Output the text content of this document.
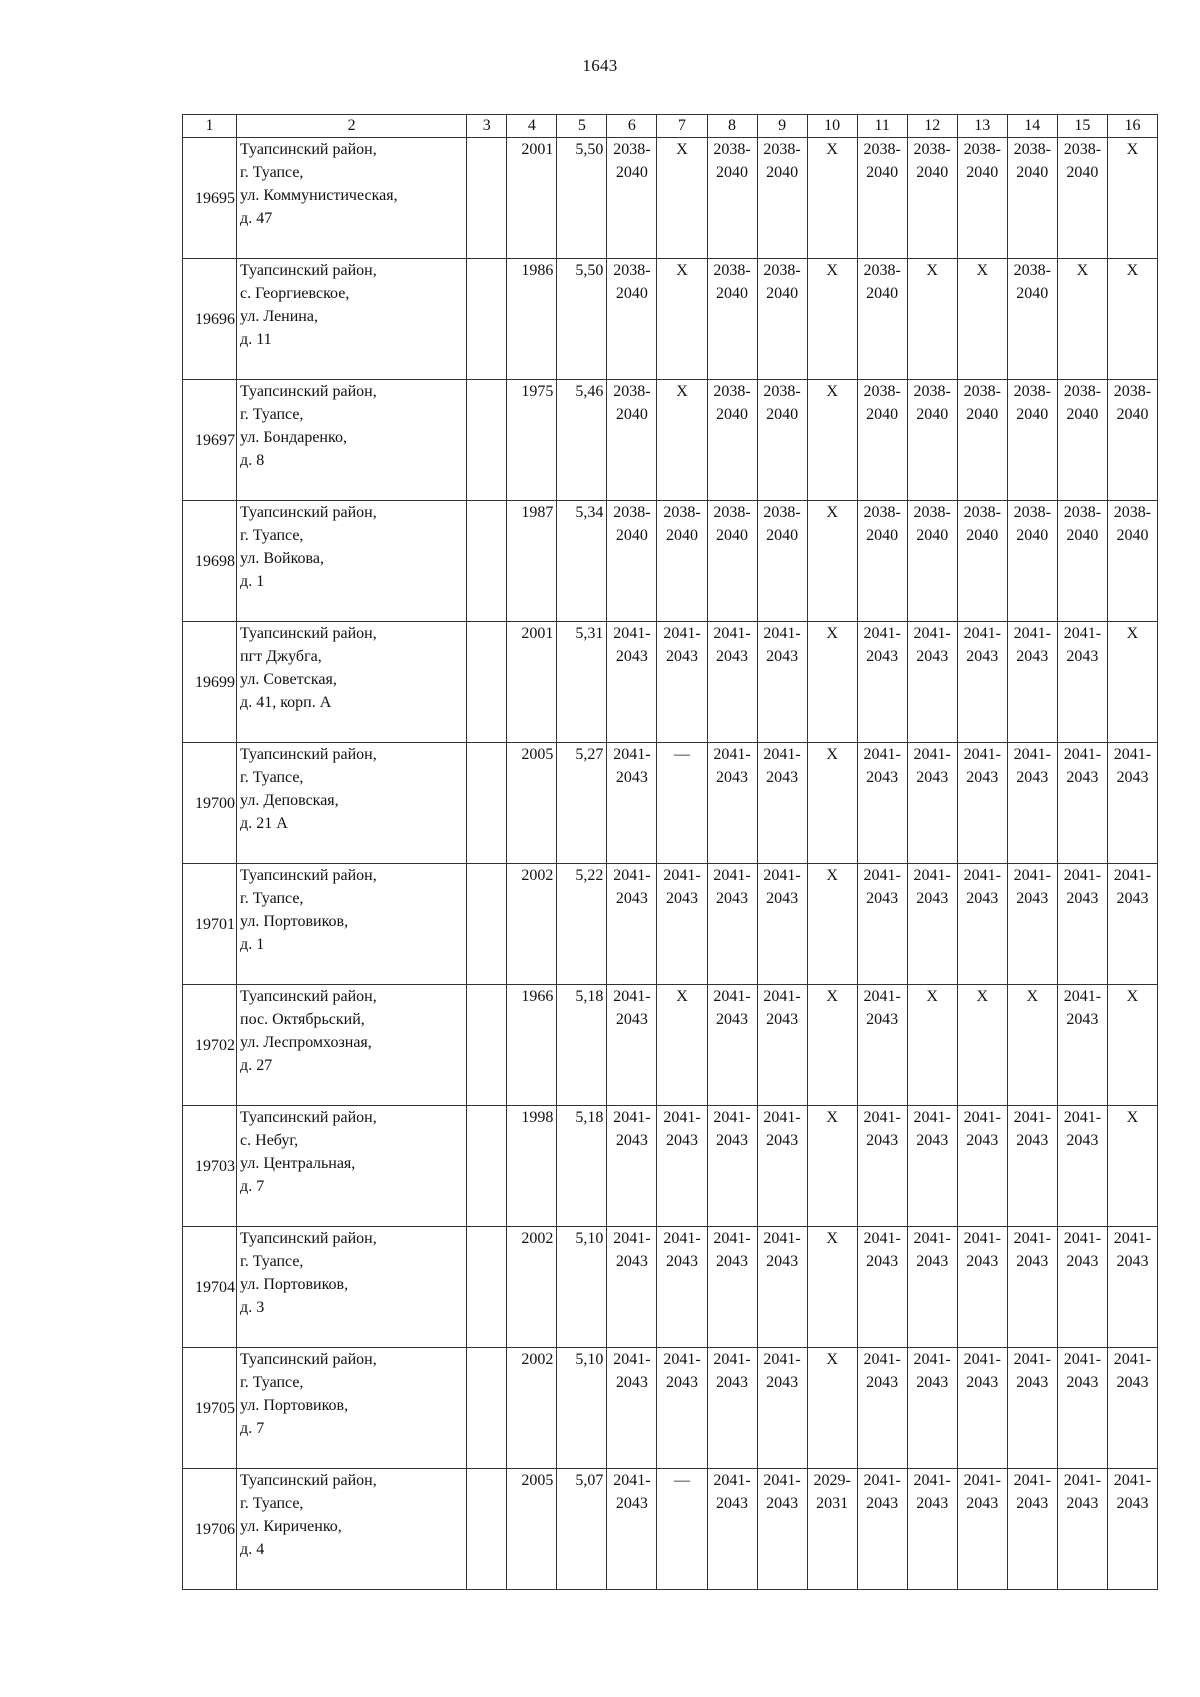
1643
1	2	3	4	5	6	7	8	9	10	11	12	13	14	15	16
19695	Туапсинский район,
г. Туапсе,
ул. Коммунистическая,
д. 47		2001	5,50	2038-
2040	X	2038-
2040	2038-
2040	X	2038-
2040	2038-
2040	2038-
2040	2038-
2040	2038-
2040	X
19696	Туапсинский район,
с. Георгиевское,
ул. Ленина,
д. 11		1986	5,50	2038-
2040	X	2038-
2040	2038-
2040	X	2038-
2040	X	X	2038-
2040	X	X
19697	Туапсинский район,
г. Туапсе,
ул. Бондаренко,
д. 8		1975	5,46	2038-
2040	X	2038-
2040	2038-
2040	X	2038-
2040	2038-
2040	2038-
2040	2038-
2040	2038-
2040	2038-
2040
19698	Туапсинский район,
г. Туапсе,
ул. Войкова,
д. 1		1987	5,34	2038-
2040	2038-
2040	2038-
2040	2038-
2040	X	2038-
2040	2038-
2040	2038-
2040	2038-
2040	2038-
2040	2038-
2040
19699	Туапсинский район,
пгт Джубга,
ул. Советская,
д. 41, корп. А		2001	5,31	2041-
2043	2041-
2043	2041-
2043	2041-
2043	X	2041-
2043	2041-
2043	2041-
2043	2041-
2043	2041-
2043	X
19700	Туапсинский район,
г. Туапсе,
ул. Деповская,
д. 21 А		2005	5,27	2041-
2043	—	2041-
2043	2041-
2043	X	2041-
2043	2041-
2043	2041-
2043	2041-
2043	2041-
2043	2041-
2043
19701	Туапсинский район,
г. Туапсе,
ул. Портовиков,
д. 1		2002	5,22	2041-
2043	2041-
2043	2041-
2043	2041-
2043	X	2041-
2043	2041-
2043	2041-
2043	2041-
2043	2041-
2043	2041-
2043
19702	Туапсинский район,
пос. Октябрьский,
ул. Леспромхозная,
д. 27		1966	5,18	2041-
2043	X	2041-
2043	2041-
2043	X	2041-
2043	X	X	X	2041-
2043	X
19703	Туапсинский район,
с. Небуг,
ул. Центральная,
д. 7		1998	5,18	2041-
2043	2041-
2043	2041-
2043	2041-
2043	X	2041-
2043	2041-
2043	2041-
2043	2041-
2043	2041-
2043	X
19704	Туапсинский район,
г. Туапсе,
ул. Портовиков,
д. 3		2002	5,10	2041-
2043	2041-
2043	2041-
2043	2041-
2043	X	2041-
2043	2041-
2043	2041-
2043	2041-
2043	2041-
2043	2041-
2043
19705	Туапсинский район,
г. Туапсе,
ул. Портовиков,
д. 7		2002	5,10	2041-
2043	2041-
2043	2041-
2043	2041-
2043	X	2041-
2043	2041-
2043	2041-
2043	2041-
2043	2041-
2043	2041-
2043
19706	Туапсинский район,
г. Туапсе,
ул. Кириченко,
д. 4		2005	5,07	2041-
2043	—	2041-
2043	2041-
2043	2029-
2031	2041-
2043	2041-
2043	2041-
2043	2041-
2043	2041-
2043	2041-
2043
